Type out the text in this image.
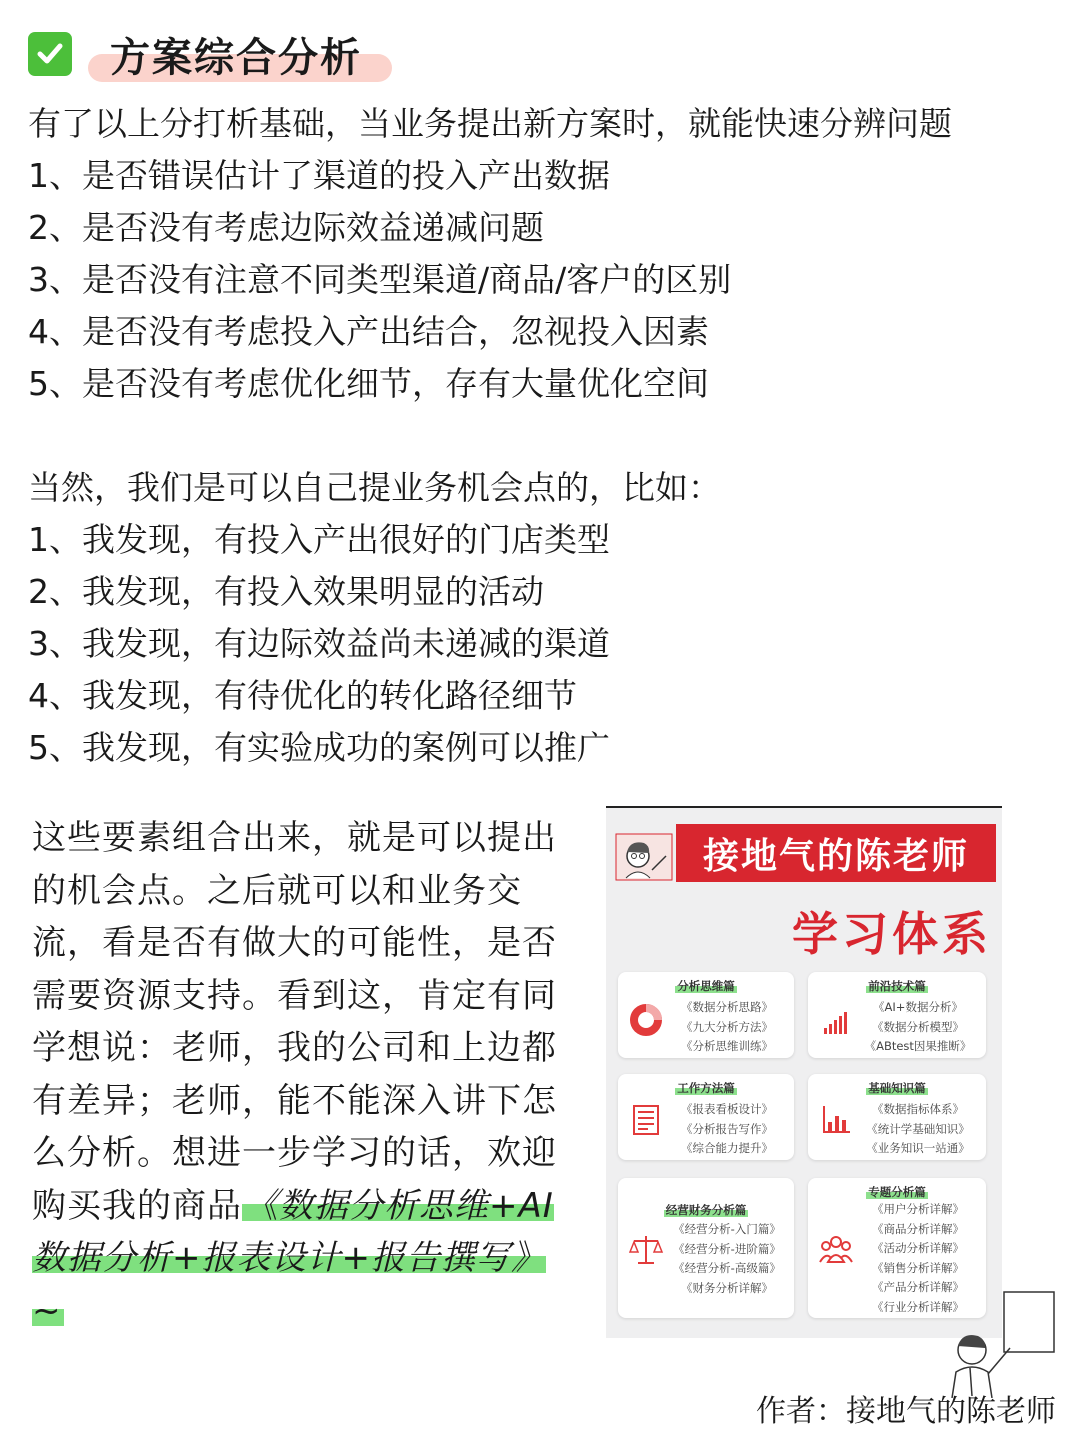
方案综合分析
有了以上分打析基础，当业务提出新方案时，就能快速分辨问题
1、是否错误估计了渠道的投入产出数据
2、是否没有考虑边际效益递减问题
3、是否没有注意不同类型渠道/商品/客户的区别
4、是否没有考虑投入产出结合，忽视投入因素
5、是否没有考虑优化细节，存有大量优化空间
当然，我们是可以自己提业务机会点的，比如：
1、我发现，有投入产出很好的门店类型
2、我发现，有投入效果明显的活动
3、我发现，有边际效益尚未递减的渠道
4、我发现，有待优化的转化路径细节
5、我发现，有实验成功的案例可以推广
这些要素组合出来，就是可以提出的机会点。之后就可以和业务交流，看是否有做大的可能性，是否需要资源支持。看到这，肯定有同学想说：老师，我的公司和上边都有差异；老师，能不能深入讲下怎么分析。想进一步学习的话，欢迎购买我的商品《数据分析思维+AI数据分析+报表设计+报告撰写》~
接地气的陈老师
学习体系
分析思维篇
《数据分析思路》
《九大分析方法》
《分析思维训练》
前沿技术篇
《AI+数据分析》
《数据分析模型》
《ABtest因果推断》
工作方法篇
《报表看板设计》
《分析报告写作》
《综合能力提升》
基础知识篇
《数据指标体系》
《统计学基础知识》
《业务知识一站通》
经营财务分析篇
《经营分析-入门篇》
《经营分析-进阶篇》
《经营分析-高级篇》
《财务分析详解》
专题分析篇
《用户分析详解》
《商品分析详解》
《活动分析详解》
《销售分析详解》
《产品分析详解》
《行业分析详解》
作者：接地气的陈老师
